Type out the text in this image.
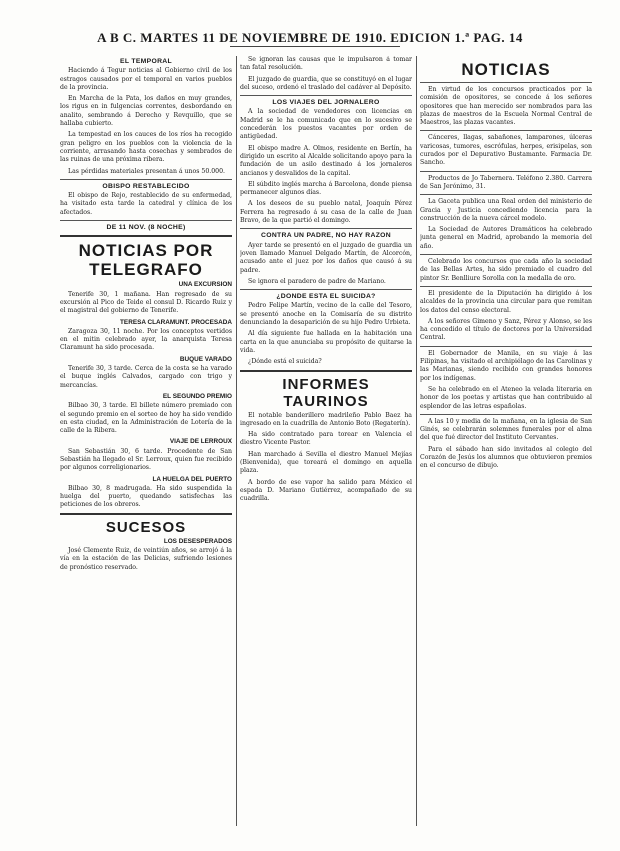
A B C. MARTES 11 DE NOVIEMBRE DE 1910. EDICION 1.ª PAG. 14
EL TEMPORAL

Haciendo á Tegur noticias al Gobierno civil de los estragos causados por el temporal en varios pueblos de la provincia.

En Marcha de la Pata, los daños en muy grandes, los rigus en in fulgencias correntes, desbordando en analito, sembrando á Derecho y Revquillo, que se hallaba cubierto.

La tempestad en los cauces de los ríos ha recogido gran peligro en los pueblos con la violencia de la corriente, arrasando hasta cosechas y sembrados de las ruinas de una próxima ribera.

Las pérdidas materiales presentan á unos 50.000.

OBISPO RESTABLECIDO

El obispo de Rejo, restablecido de su enfermedad, ha visitado esta tarde la catedral y clínica de los afectados.

DE 11 NOV. (8 NOCHE)
NOTICIAS POR TELEGRAFO
UNA EXCURSION

Tenerife 30, 1 mañana. Han regresado de su excursión al Pico de Teide el consul D. Ricardo Ruiz y el magistral del gobierno de Tenerife.

TERESA CLARAMUNT. PROCESADA

Zaragoza 30, 11 noche. Por los conceptos vertidos en el mitin celebrado ayer, la anarquista Teresa Claramunt ha sido procesada.

BUQUE VARADO

Tenerife 30, 3 tarde. Cerca de la costa se ha varado el buque inglés Calvados, cargado con trigo y mercancías.

EL SEGUNDO PREMIO

Bilbao 30, 3 tarde. El billete número premiado con el segundo premio en el sorteo de hoy ha sido vendido en esta ciudad, en la Administración de Lotería de la calle de la Ribera.

VIAJE DE LERROUX

San Sebastián 30, 6 tarde. Procedente de San Sebastián ha llegado el Sr. Lerroux, quien fue recibido por algunos correligionarios.

LA HUELGA DEL PUERTO

Bilbao 30, 8 madrugada. Ha sido suspendida la huelga del puerto, quedando satisfechas las peticiones de los obreros.

SUCESOS
LOS DESESPERADOS

José Clemente Ruiz, de veintiún años, se arrojó á la vía en la estación de las Delicias, sufriendo lesiones de pronóstico reservado.

Se ignoran las causas que le impulsaron á tomar tan fatal resolución.

El juzgado de guardia, que se constituyó en el lugar del suceso, ordenó el traslado del cadáver al Depósito.

LOS VIAJES DEL JORNALERO

A la sociedad de vendedores con licencias en Madrid se le ha comunicado que en lo sucesivo se concederán los puestos vacantes por orden de antigüedad.

El obispo madre A. Olmos, residente en Berlín, ha dirigido un escrito al Alcalde solicitando apoyo para la fundación de un asilo destinado á los jornaleros ancianos y desvalidos de la capital.

El súbdito inglés marcha á Barcelona, donde piensa permanecer algunos días.

A los deseos de su pueblo natal, Joaquín Pérez Ferrera ha regresado á su casa de la calle de Juan Bravo, de la que partió el domingo.

CONTRA UN PADRE, NO HAY RAZON

Ayer tarde se presentó en el juzgado de guardia un joven llamado Manuel Delgado Martín, de Alcorcón, acusado ante el juez por los daños que causó á su padre.

Se ignora el paradero de padre de Mariano.

¿DONDE ESTA EL SUICIDA?

Pedro Felipe Martín, vecino de la calle del Tesoro, se presentó anoche en la Comisaría de su distrito denunciando la desaparición de su hijo Pedro Urbieta.

Al día siguiente fue hallada en la habitación una carta en la que anunciaba su propósito de quitarse la vida.

¿Dónde está el suicida?

INFORMES TAURINOS

El notable banderillero madrileño Pablo Baez ha ingresado en la cuadrilla de Antonio Boto (Regaterín).

Ha sido contratado para torear en Valencia el diestro Vicente Pastor.

Han marchado á Sevilla el diestro Manuel Mejías (Bienvenida), que toreará el domingo en aquella plaza.

A bordo de ese vapor ha salido para México el espada D. Mariano Gutiérrez, acompañado de su cuadrilla.

NOTICIAS

En virtud de los concursos practicados por la comisión de opositores, se concede á los señores opositores que han merecido ser nombrados para las plazas de maestros de la Escuela Normal Central de Maestros, las plazas vacantes.

Cánceres, llagas, sabañones, lamparones, úlceras varicosas, tumores, escrófulas, herpes, erisipelas, son curados por el Depurativo Bustamante. Farmacia Dr. Sancho.

Productos de Jo Tabernera. Teléfono 2.380. Carrera de San Jerónimo, 31.

La Gaceta publica una Real orden del ministerio de Gracia y Justicia concediendo licencia para la construcción de la nueva cárcel modelo.

La Sociedad de Autores Dramáticos ha celebrado junta general en Madrid, aprobando la memoria del año.

Celebrado los concursos que cada año la sociedad de las Bellas Artes, ha sido premiado el cuadro del pintor Sr. Benlliure Sorolla con la medalla de oro.

El presidente de la Diputación ha dirigido á los alcaldes de la provincia una circular para que remitan los datos del censo electoral.

A los señores Gimeno y Sanz, Pérez y Alonso, se les ha concedido el título de doctores por la Universidad Central.

El Gobernador de Manila, en su viaje á las Filipinas, ha visitado el archipiélago de las Carolinas y las Marianas, siendo recibido con grandes honores por los indígenas.

Se ha celebrado en el Ateneo la velada literaria en honor de los poetas y artistas que han contribuido al esplendor de las letras españolas.

A las 10 y media de la mañana, en la iglesia de San Ginés, se celebrarán solemnes funerales por el alma del que fué director del Instituto Cervantes.

Para el sábado han sido invitados al colegio del Corazón de Jesús los alumnos que obtuvieron premios en el concurso de dibujo.
